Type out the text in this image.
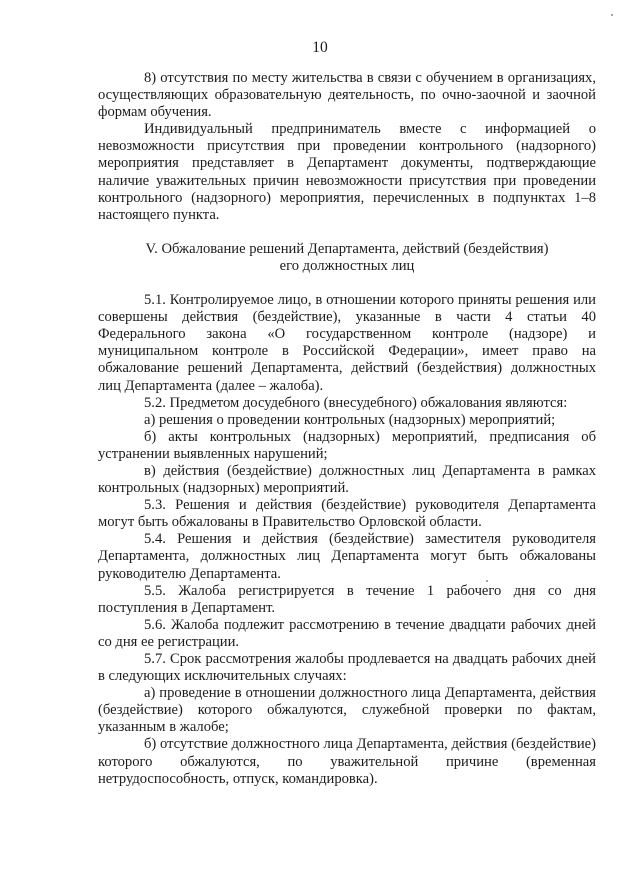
10

8) отсутствия по месту жительства в связи с обучением в организациях, осуществляющих образовательную деятельность, по очно-заочной и заочной формам обучения.

Индивидуальный предприниматель вместе с информацией о невозможности присутствия при проведении контрольного (надзорного) мероприятия представляет в Департамент документы, подтверждающие наличие уважительных причин невозможности присутствия при проведении контрольного (надзорного) мероприятия, перечисленных в подпунктах 1–8 настоящего пункта.

V. Обжалование решений Департамента, действий (бездействия)
его должностных лиц

5.1. Контролируемое лицо, в отношении которого приняты решения или совершены действия (бездействие), указанные в части 4 статьи 40 Федерального закона «О государственном контроле (надзоре) и муниципальном контроле в Российской Федерации», имеет право на обжалование решений Департамента, действий (бездействия) должностных лиц Департамента (далее – жалоба).

5.2. Предметом досудебного (внесудебного) обжалования являются:

а) решения о проведении контрольных (надзорных) мероприятий;

б) акты контрольных (надзорных) мероприятий, предписания об устранении выявленных нарушений;

в) действия (бездействие) должностных лиц Департамента в рамках контрольных (надзорных) мероприятий.

5.3. Решения и действия (бездействие) руководителя Департамента могут быть обжалованы в Правительство Орловской области.

5.4. Решения и действия (бездействие) заместителя руководителя Департамента, должностных лиц Департамента могут быть обжалованы руководителю Департамента.

5.5. Жалоба регистрируется в течение 1 рабочего дня со дня поступления в Департамент.

5.6. Жалоба подлежит рассмотрению в течение двадцати рабочих дней со дня ее регистрации.

5.7. Срок рассмотрения жалобы продлевается на двадцать рабочих дней в следующих исключительных случаях:

а) проведение в отношении должностного лица Департамента, действия (бездействие) которого обжалуются, служебной проверки по фактам, указанным в жалобе;

б) отсутствие должностного лица Департамента, действия (бездействие) которого обжалуются, по уважительной причине (временная нетрудоспособность, отпуск, командировка).
